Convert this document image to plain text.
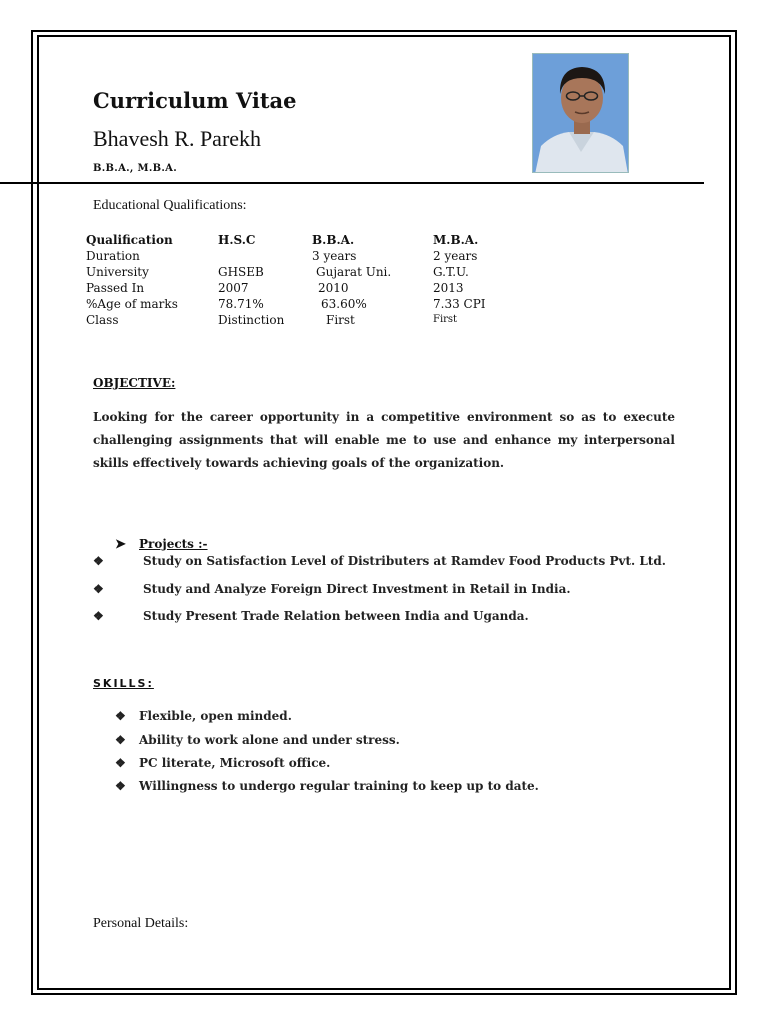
Curriculum Vitae
Bhavesh R. Parekh
B.B.A., M.B.A.
Educational Qualifications:
Qualification	H.S.C	B.B.A.	M.B.A.
Duration		3 years	2 years
University	GHSEB	Gujarat Uni.	G.T.U.
Passed In	2007	2010	2013
%Age of marks	78.71%	63.60%	7.33 CPI
Class	Distinction	First	First
OBJECTIVE:
Looking for the career opportunity in a competitive environment so as to execute challenging assignments that will enable me to use and enhance my interpersonal skills effectively towards achieving goals of the organization.
➤ Projects :-
❖	Study on Satisfaction Level of Distributers at Ramdev Food Products Pvt. Ltd.
❖	Study and Analyze Foreign Direct Investment in Retail in India.
❖	Study Present Trade Relation between India and Uganda.
SKILLS:
❖ Flexible, open minded.
❖ Ability to work alone and under stress.
❖ PC literate, Microsoft office.
❖ Willingness to undergo regular training to keep up to date.
Personal Details:
